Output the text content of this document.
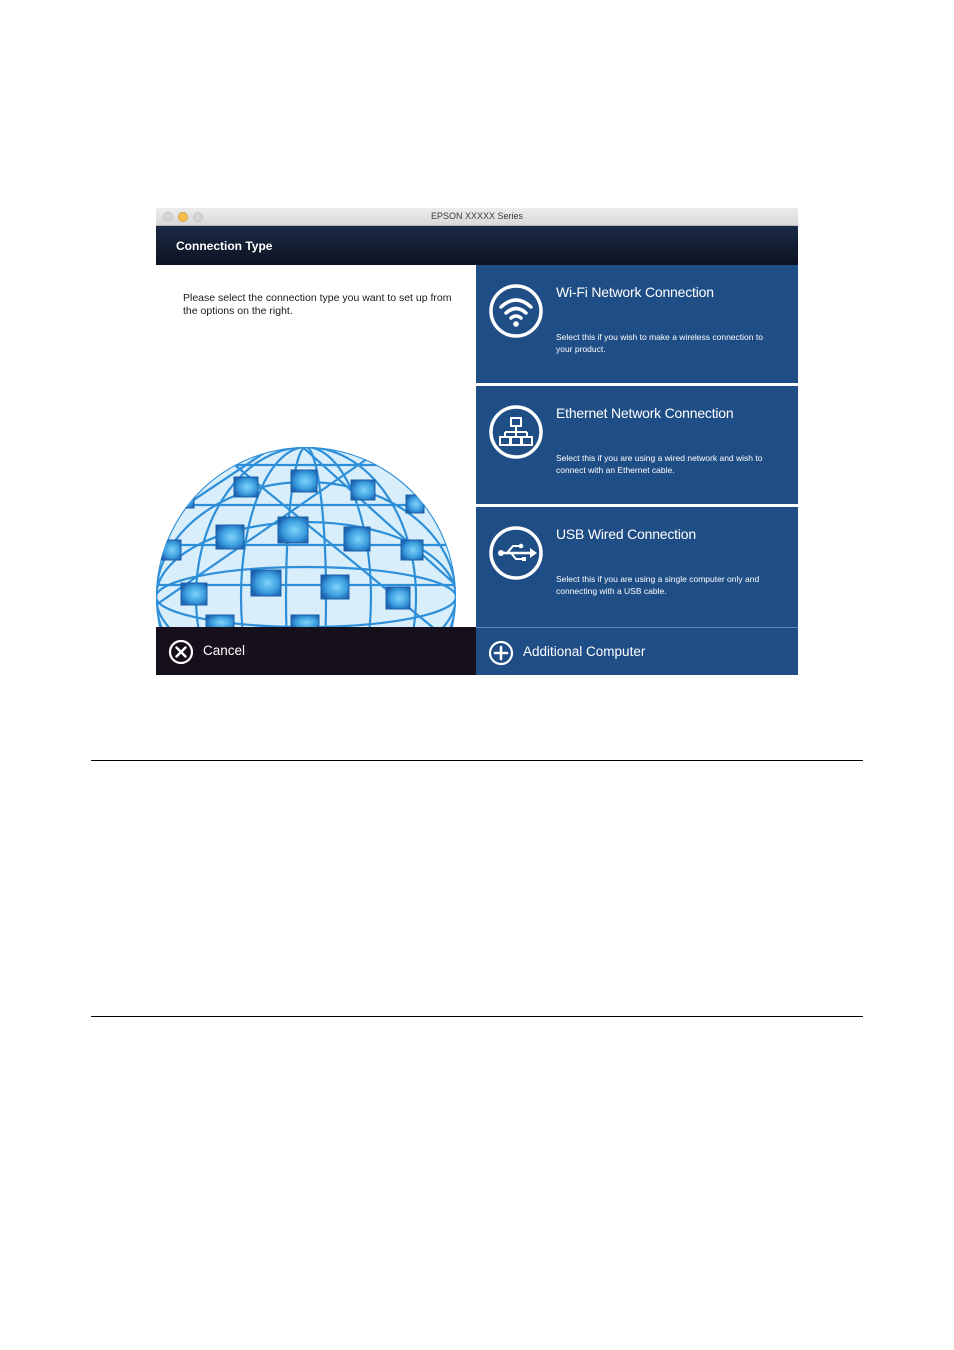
EPSON XXXXX Series
Connection Type
Please select the connection type you want to set up from the options on the right.
Wi-Fi Network Connection
Select this if you wish to make a wireless connection to your product.
Ethernet Network Connection
Select this if you are using a wired network and wish to connect with an Ethernet cable.
USB Wired Connection
Select this if you are using a single computer only and connecting with a USB cable.
Cancel	Additional Computer
